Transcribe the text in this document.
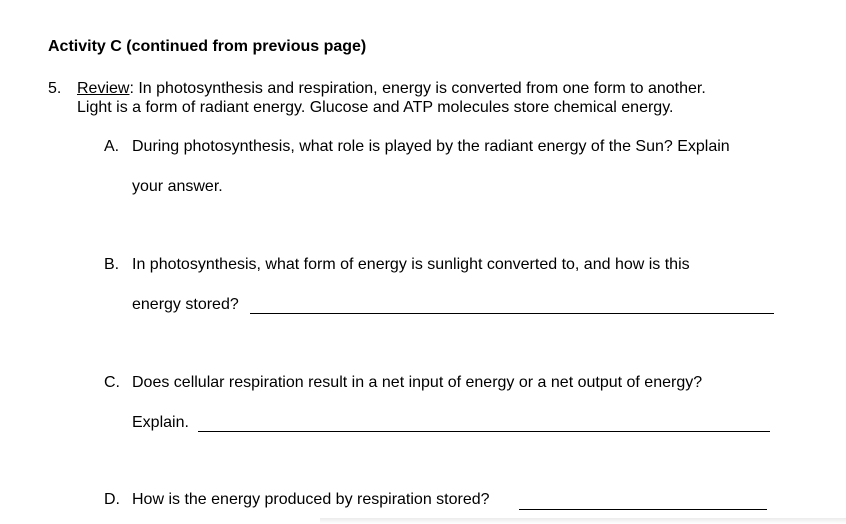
Activity C (continued from previous page)
5. Review: In photosynthesis and respiration, energy is converted from one form to another.
Light is a form of radiant energy. Glucose and ATP molecules store chemical energy.
A. During photosynthesis, what role is played by the radiant energy of the Sun? Explain
your answer.
B. In photosynthesis, what form of energy is sunlight converted to, and how is this
energy stored?
C. Does cellular respiration result in a net input of energy or a net output of energy?
Explain.
D. How is the energy produced by respiration stored?
